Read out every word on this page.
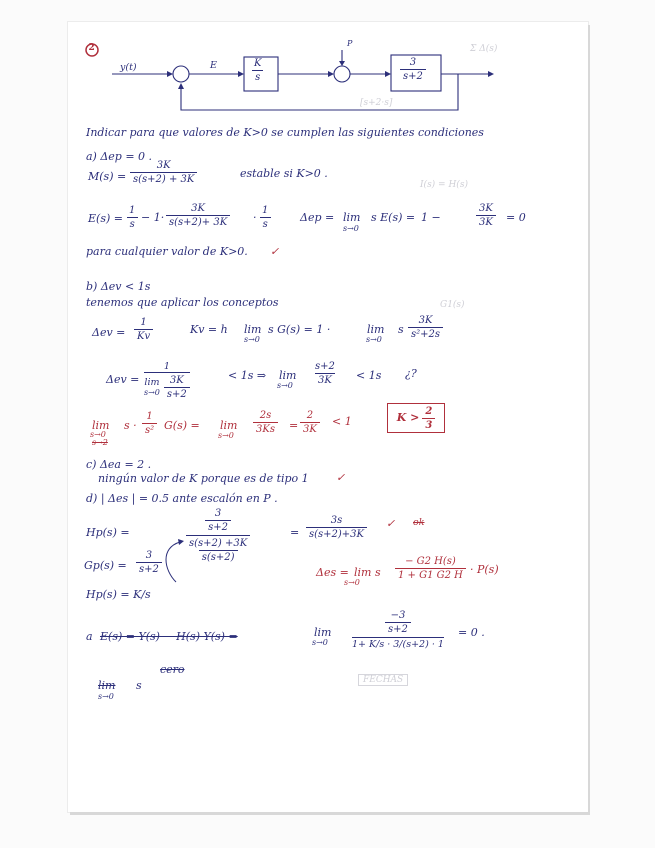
Σ Δ(s)
[s+2·s]
I(s) = H(s)
G1(s)
FECHAS
2
y(t)	E	$\frac{K}{s}$
P
$\frac{3}{s+2}$
Indicar para que valores de K>0 se cumplen las siguientes condiciones
a) Δep = 0 .
$M(s) = \frac{3K}{s(s+2) + 3K}$	estable si K>0 .
$E(s) = \frac{1}{s} - 1\cdot \frac{3K}{s(s+2)+ 3K} \cdot \frac{1}{s}$	Δep = lim
s→0
s E(s) = 1 −	$\frac{3K}{3K} = 0$
para cualquier valor de K>0. ✓
b) Δev < 1s
tenemos que aplicar los conceptos
$\Delta ev = \frac{1}{Kv}$	Kv = h lim
s→0
s G(s) = 1 ·	lim
s→0
s $\frac{3K}{\text{s²+2s}}$
Δev =
1
lim
$s\to 0 \frac{3K}{s+2}$	< 1s ⇒ lim
$s\to 0 \frac{s+2}{3K} < 1s$ ¿?
lim
s→0
s→2
$s \cdot \frac{1}{\text{s²}} G(s) = \lim$
s→0
$\frac{2s}{3Ks} = \frac{2}{3K} < 1$	$K > \frac{2}{3}$
c) Δea = 2 .
ningún valor de K porque es de tipo 1 ✓
d) | Δes | = 0.5 ante escalón en P .
Hp(s) =	$\frac{3}{s+2}$
$\frac{s(s+2) +3K}{s(s+2)}$
= $\frac{3s}{s(s+2)+3K}$ ✓ ok
$Gp(s) = \frac{3}{s+2}$	Δes = lim s
s→0
$\frac{- G2 H(s)}{1 + G1 G2 H} \cdot P(s)$
Hp(s) = K/s
a E(s) = Y(s) − H(s) Y(s) =	lim
s→0
$\frac{-3}{s+2}$
1+ K/s · 3/(s+2) · 1
= 0 .
cero
lim s
s→0
